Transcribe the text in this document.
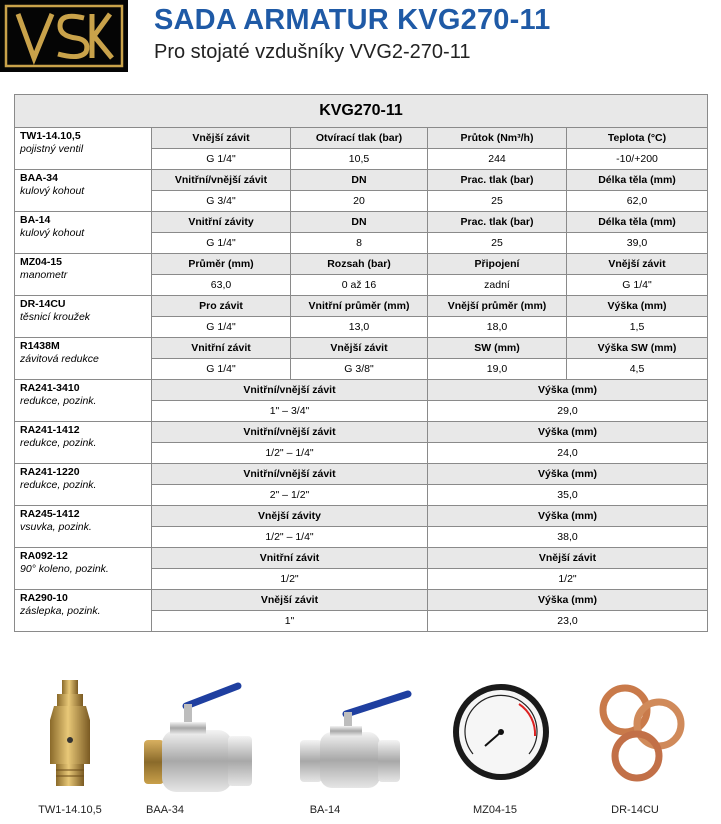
SADA ARMATUR KVG270-11
Pro stojaté vzdušníky VVG2-270-11
KVG270-11				

TW1-14.10,5
pojistný ventil	Vnější závit	Otvírací tlak (bar)	Průtok (Nm³/h)	Teplota (°C)
	G 1/4"	10,5	244	-10/+200

BAA-34
kulový kohout	Vnitřní/vnější závit	DN	Prac. tlak (bar)	Délka těla (mm)
	G 3/4"	20	25	62,0

BA-14
kulový kohout	Vnitřní závity	DN	Prac. tlak (bar)	Délka těla (mm)
	G 1/4"	8	25	39,0

MZ04-15
manometr	Průměr (mm)	Rozsah (bar)	Připojení	Vnější závit
	63,0	0 až 16	zadní	G 1/4"

DR-14CU
těsnicí kroužek	Pro závit	Vnitřní průměr (mm)	Vnější průměr (mm)	Výška (mm)
	G 1/4"	13,0	18,0	1,5

R1438M
závitová redukce	Vnitřní závit	Vnější závit	SW (mm)	Výška SW (mm)
	G 1/4"	G 3/8"	19,0	4,5

RA241-3410
redukce, pozink.	Vnitřní/vnější závit		Výška (mm)	
	1" – 3/4"		29,0	

RA241-1412
redukce, pozink.	Vnitřní/vnější závit		Výška (mm)	
	1/2" – 1/4"		24,0	

RA241-1220
redukce, pozink.	Vnitřní/vnější závit		Výška (mm)	
	2" – 1/2"		35,0	

RA245-1412
vsuvka, pozink.	Vnější závity		Výška (mm)	
	1/2" – 1/4"		38,0	

RA092-12
90° koleno, pozink.	Vnitřní závit		Vnější závit	
	1/2"		1/2"	

RA290-10
záslepka, pozink.	Vnější závit		Výška (mm)	
	1"		23,0	
TW1-14.10,5	BAA-34	BA-14	MZ04-15	DR-14CU
